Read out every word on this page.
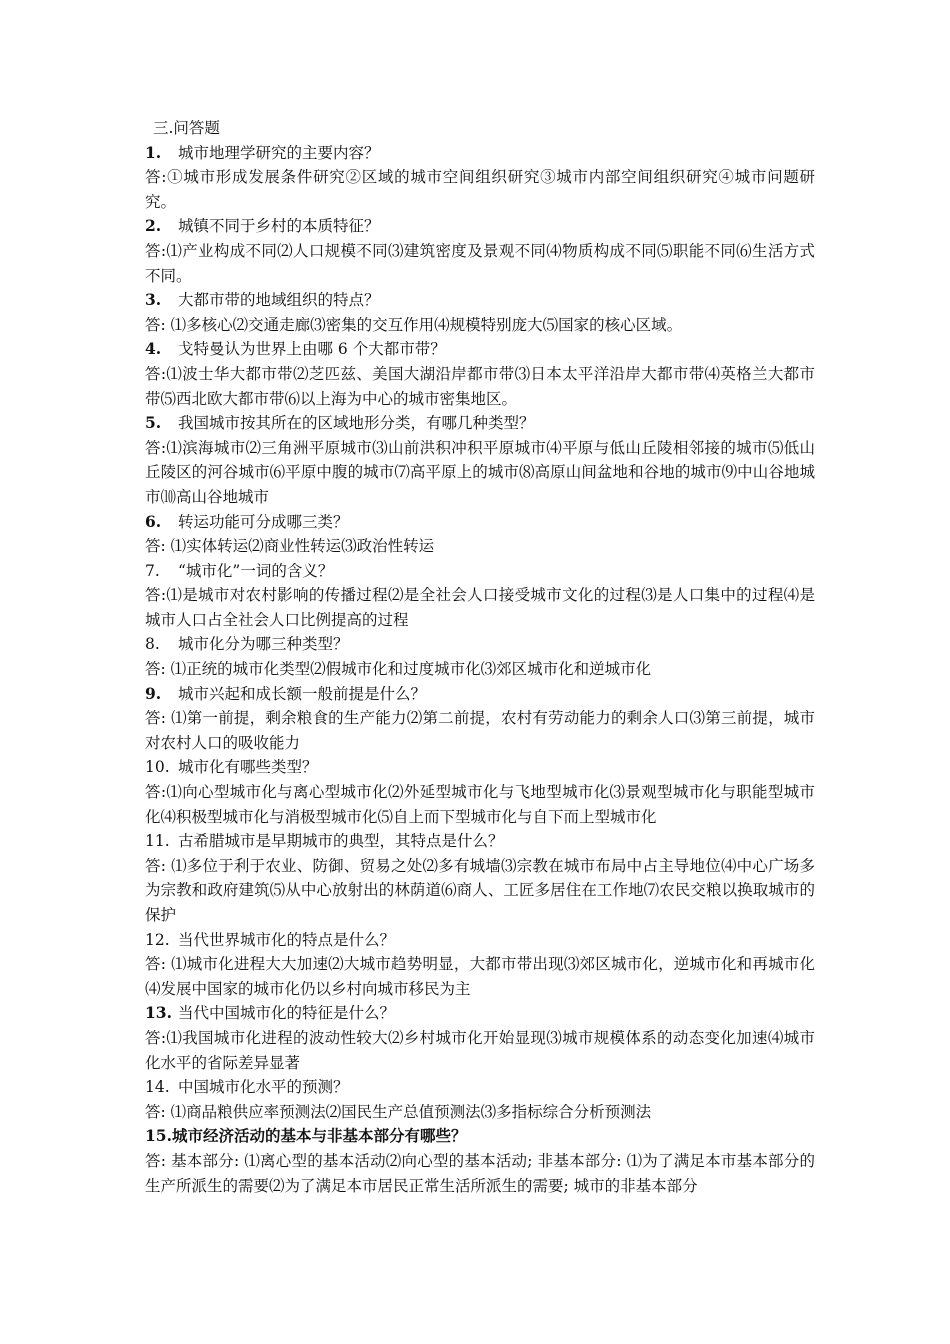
三.问答题
1.	城市地理学研究的主要内容？
答:①城市形成发展条件研究②区域的城市空间组织研究③城市内部空间组织研究④城市问题研究。
2.	城镇不同于乡村的本质特征？
答:⑴产业构成不同⑵人口规模不同⑶建筑密度及景观不同⑷物质构成不同⑸职能不同⑹生活方式不同。
3.	大都市带的地域组织的特点？
答: ⑴多核心⑵交通走廊⑶密集的交互作用⑷规模特别庞大⑸国家的核心区域。
4.	戈特曼认为世界上由哪 6 个大都市带？
答:⑴波士华大都市带⑵芝匹兹、美国大湖沿岸都市带⑶日本太平洋沿岸大都市带⑷英格兰大都市带⑸西北欧大都市带⑹以上海为中心的城市密集地区。
5.	我国城市按其所在的区域地形分类，有哪几种类型？
答:⑴滨海城市⑵三角洲平原城市⑶山前洪积冲积平原城市⑷平原与低山丘陵相邻接的城市⑸低山丘陵区的河谷城市⑹平原中腹的城市⑺高平原上的城市⑻高原山间盆地和谷地的城市⑼中山谷地城市⑽高山谷地城市
6.	转运功能可分成哪三类？
答: ⑴实体转运⑵商业性转运⑶政治性转运
7.	“城市化”一词的含义？
答:⑴是城市对农村影响的传播过程⑵是全社会人口接受城市文化的过程⑶是人口集中的过程⑷是城市人口占全社会人口比例提高的过程
8.	城市化分为哪三种类型？
答: ⑴正统的城市化类型⑵假城市化和过度城市化⑶郊区城市化和逆城市化
9.	城市兴起和成长额一般前提是什么？
答: ⑴第一前提，剩余粮食的生产能力⑵第二前提，农村有劳动能力的剩余人口⑶第三前提，城市对农村人口的吸收能力
10. 城市化有哪些类型？
答:⑴向心型城市化与离心型城市化⑵外延型城市化与飞地型城市化⑶景观型城市化与职能型城市化⑷积极型城市化与消极型城市化⑸自上而下型城市化与自下而上型城市化
11. 古希腊城市是早期城市的典型，其特点是什么？
答: ⑴多位于利于农业、防御、贸易之处⑵多有城墙⑶宗教在城市布局中占主导地位⑷中心广场多为宗教和政府建筑⑸从中心放射出的林荫道⑹商人、工匠多居住在工作地⑺农民交粮以换取城市的保护
12. 当代世界城市化的特点是什么？
答: ⑴城市化进程大大加速⑵大城市趋势明显，大都市带出现⑶郊区城市化，逆城市化和再城市化⑷发展中国家的城市化仍以乡村向城市移民为主
13. 当代中国城市化的特征是什么？
答:⑴我国城市化进程的波动性较大⑵乡村城市化开始显现⑶城市规模体系的动态变化加速⑷城市化水平的省际差异显著
14. 中国城市化水平的预测？
答: ⑴商品粮供应率预测法⑵国民生产总值预测法⑶多指标综合分析预测法
15. 城市经济活动的基本与非基本部分有哪些？
答: 基本部分: ⑴离心型的基本活动⑵向心型的基本活动; 非基本部分: ⑴为了满足本市基本部分的生产所派生的需要⑵为了满足本市居民正常生活所派生的需要; 城市的非基本部分
